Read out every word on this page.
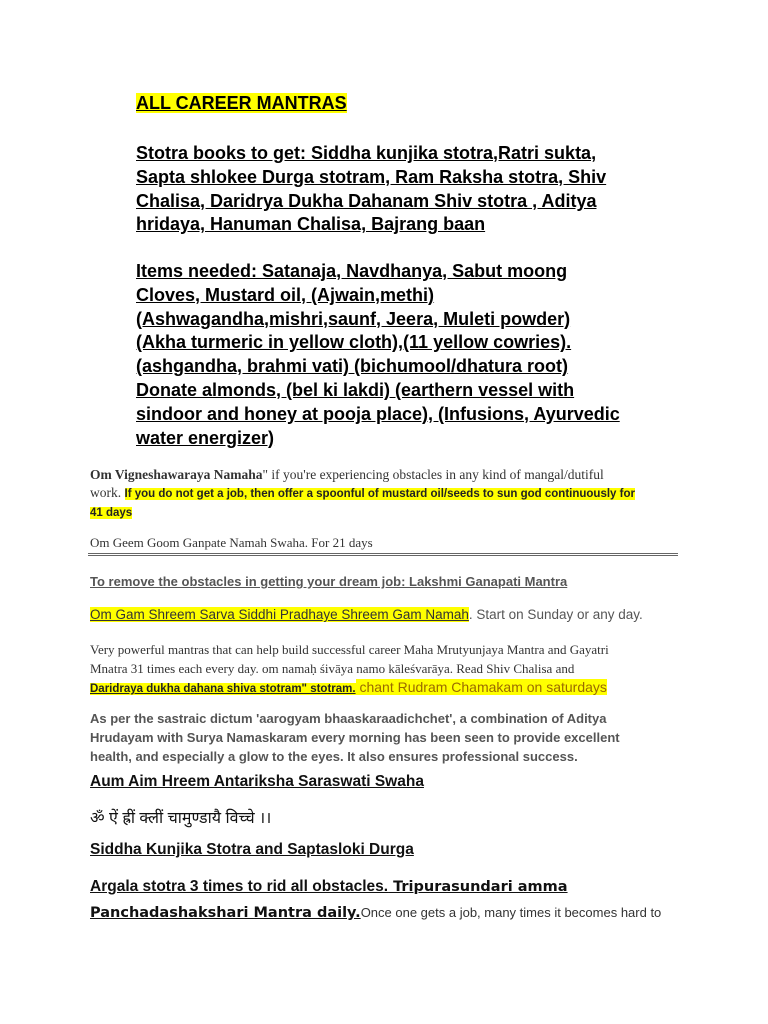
ALL CAREER MANTRAS
Stotra books to get: Siddha kunjika stotra,Ratri sukta,
Sapta shlokee Durga stotram, Ram Raksha stotra, Shiv
Chalisa, Daridrya Dukha Dahanam Shiv stotra , Aditya
hridaya, Hanuman Chalisa, Bajrang baan
Items needed: Satanaja, Navdhanya, Sabut moong
Cloves, Mustard oil, (Ajwain,methi)
(Ashwagandha,mishri,saunf, Jeera, Muleti powder)
(Akha turmeric in yellow cloth),(11 yellow cowries).
(ashgandha, brahmi vati) (bichumool/dhatura root)
Donate almonds, (bel ki lakdi) (earthern vessel with
sindoor and honey at pooja place), (Infusions, Ayurvedic
water energizer)
Om Vigneshawaraya Namaha" if you're experiencing obstacles in any kind of mangal/dutiful
work. If you do not get a job, then offer a spoonful of mustard oil/seeds to sun god continuously for
41 days
Om Geem Goom Ganpate Namah Swaha. For 21 days
To remove the obstacles in getting your dream job: Lakshmi Ganapati Mantra
Om Gam Shreem Sarva Siddhi Pradhaye Shreem Gam Namah. Start on Sunday or any day.
Very powerful mantras that can help build successful career Maha Mrutyunjaya Mantra and Gayatri
Mnatra 31 times each every day. om namaḥ śivāya namo kāleśvarāya. Read Shiv Chalisa and
Daridraya dukha dahana shiva stotram" stotram. chant Rudram Chamakam on saturdays
As per the sastraic dictum 'aarogyam bhaaskaraadichchet', a combination of Aditya
Hrudayam with Surya Namaskaram every morning has been seen to provide excellent
health, and especially a glow to the eyes. It also ensures professional success.
Aum Aim Hreem Antariksha Saraswati Swaha
ॐ ऐं ह्रीं क्लीं चामुण्डायै विच्चे ।।
Siddha Kunjika Stotra and Saptasloki Durga
Argala stotra 3 times to rid all obstacles. Tripurasundari amma
Panchadashakshari Mantra daily.Once one gets a job, many times it becomes hard to
